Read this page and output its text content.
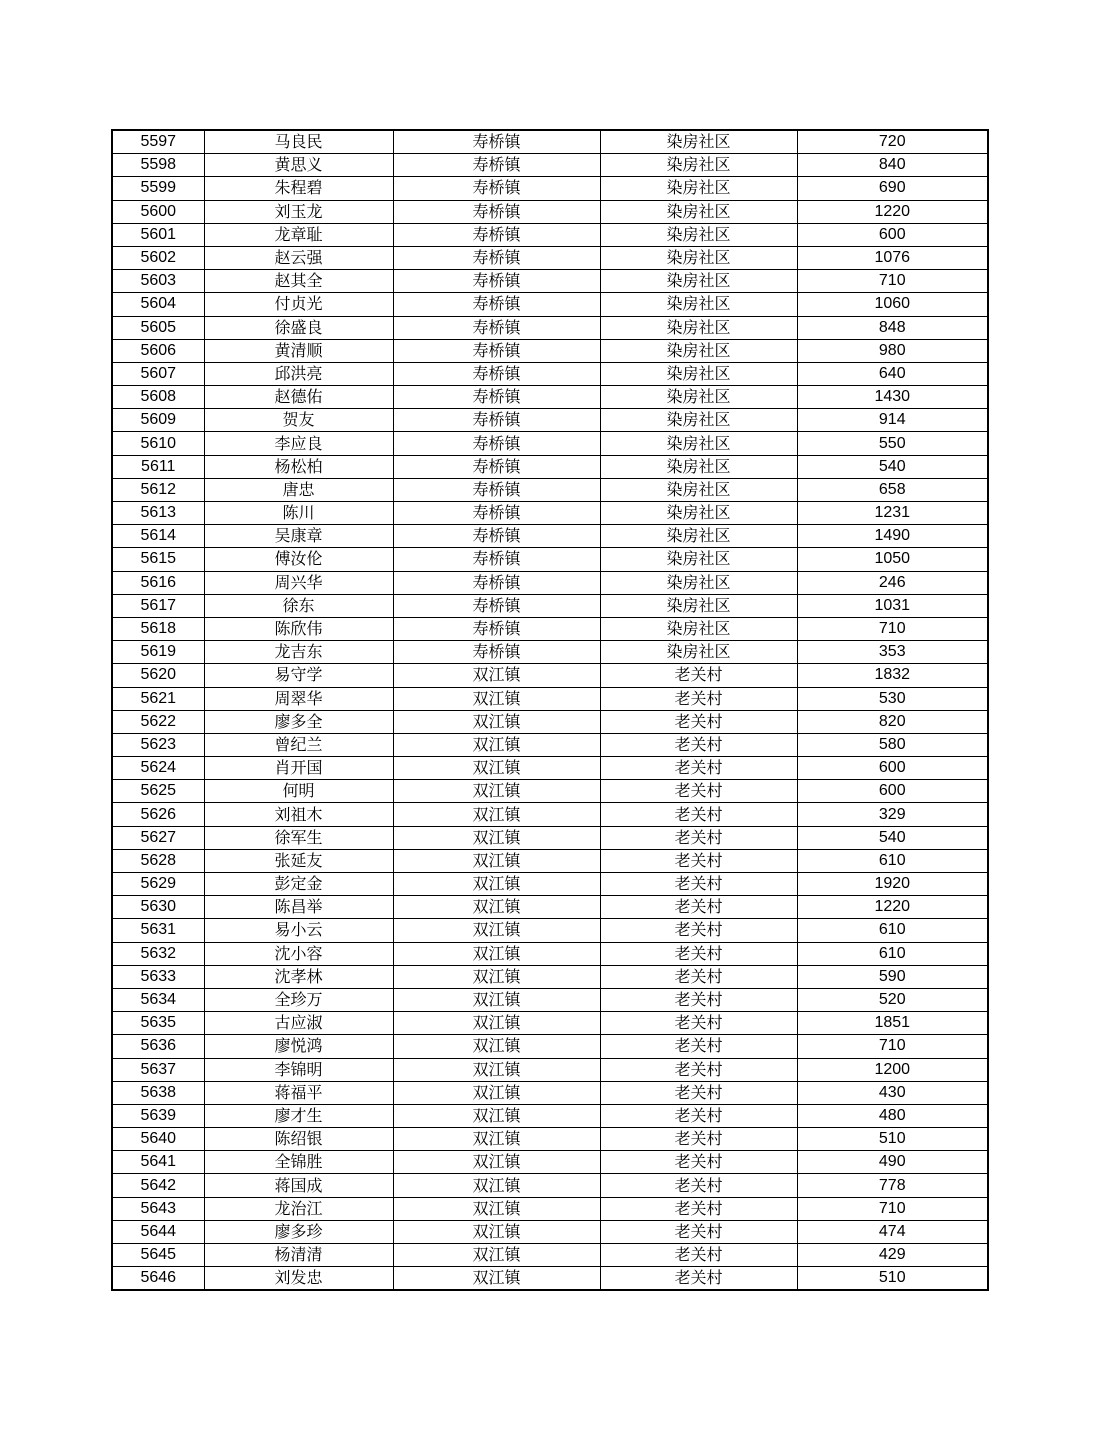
5597	马良民	寿桥镇	染房社区	720
5598	黄思义	寿桥镇	染房社区	840
5599	朱程碧	寿桥镇	染房社区	690
5600	刘玉龙	寿桥镇	染房社区	1220
5601	龙章耻	寿桥镇	染房社区	600
5602	赵云强	寿桥镇	染房社区	1076
5603	赵其全	寿桥镇	染房社区	710
5604	付贞光	寿桥镇	染房社区	1060
5605	徐盛良	寿桥镇	染房社区	848
5606	黄清顺	寿桥镇	染房社区	980
5607	邱洪亮	寿桥镇	染房社区	640
5608	赵德佑	寿桥镇	染房社区	1430
5609	贺友	寿桥镇	染房社区	914
5610	李应良	寿桥镇	染房社区	550
5611	杨松柏	寿桥镇	染房社区	540
5612	唐忠	寿桥镇	染房社区	658
5613	陈川	寿桥镇	染房社区	1231
5614	吴康章	寿桥镇	染房社区	1490
5615	傅汝伦	寿桥镇	染房社区	1050
5616	周兴华	寿桥镇	染房社区	246
5617	徐东	寿桥镇	染房社区	1031
5618	陈欣伟	寿桥镇	染房社区	710
5619	龙吉东	寿桥镇	染房社区	353
5620	易守学	双江镇	老关村	1832
5621	周翠华	双江镇	老关村	530
5622	廖多全	双江镇	老关村	820
5623	曾纪兰	双江镇	老关村	580
5624	肖开国	双江镇	老关村	600
5625	何明	双江镇	老关村	600
5626	刘祖木	双江镇	老关村	329
5627	徐军生	双江镇	老关村	540
5628	张延友	双江镇	老关村	610
5629	彭定金	双江镇	老关村	1920
5630	陈昌举	双江镇	老关村	1220
5631	易小云	双江镇	老关村	610
5632	沈小容	双江镇	老关村	610
5633	沈孝林	双江镇	老关村	590
5634	全珍万	双江镇	老关村	520
5635	古应淑	双江镇	老关村	1851
5636	廖悦鸿	双江镇	老关村	710
5637	李锦明	双江镇	老关村	1200
5638	蒋福平	双江镇	老关村	430
5639	廖才生	双江镇	老关村	480
5640	陈绍银	双江镇	老关村	510
5641	全锦胜	双江镇	老关村	490
5642	蒋国成	双江镇	老关村	778
5643	龙治江	双江镇	老关村	710
5644	廖多珍	双江镇	老关村	474
5645	杨清清	双江镇	老关村	429
5646	刘发忠	双江镇	老关村	510
